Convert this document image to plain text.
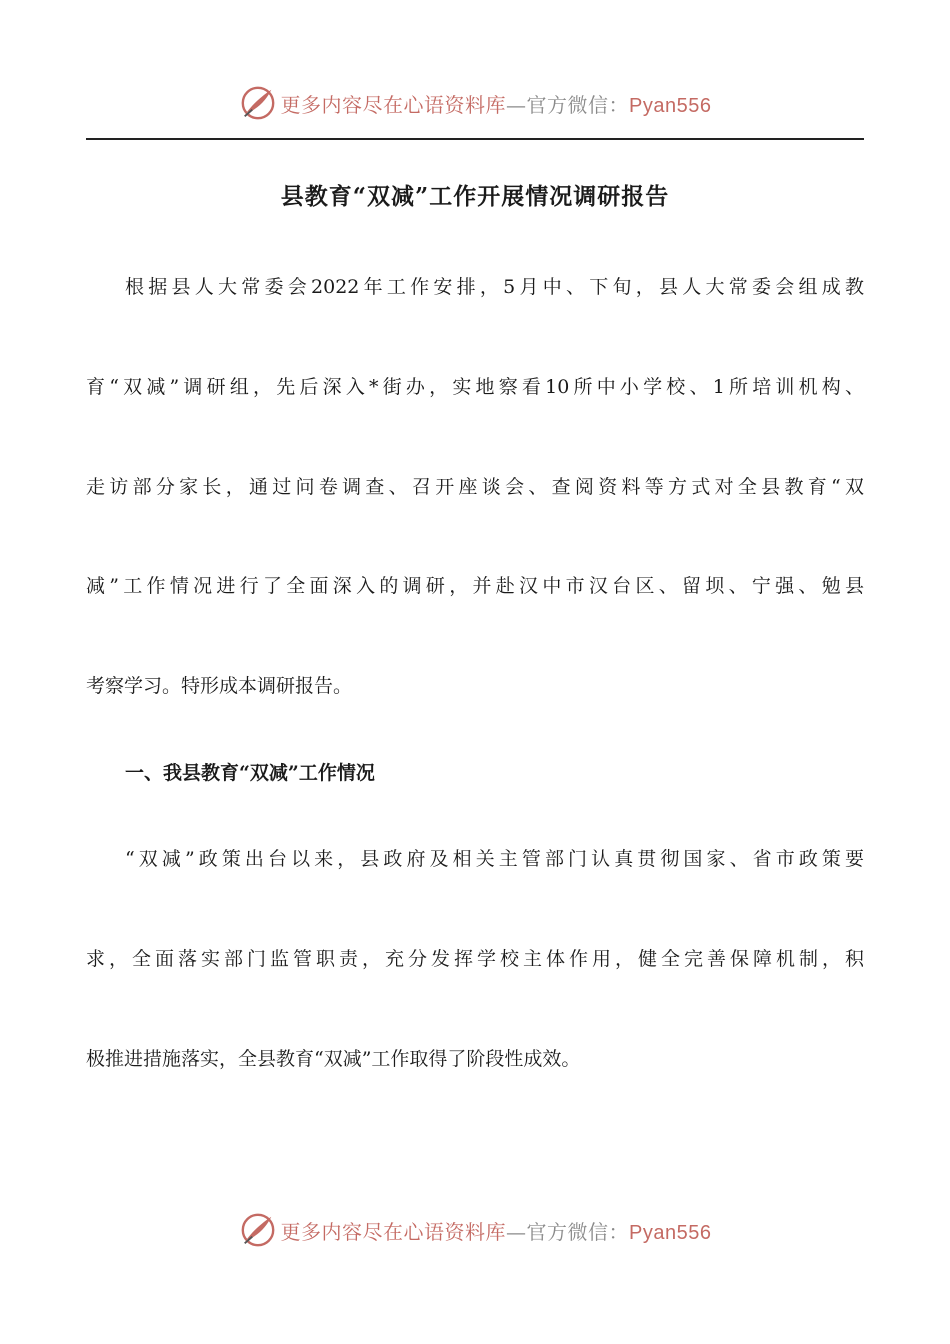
更多内容尽在心语资料库—官方微信：Pyan556
县教育“双减”工作开展情况调研报告
根据县人大常委会2022年工作安排，5月中、下旬，县人大常委会组成教
育“双减”调研组，先后深入*街办，实地察看10所中小学校、1所培训机构、
走访部分家长，通过问卷调查、召开座谈会、查阅资料等方式对全县教育“双
减”工作情况进行了全面深入的调研，并赴汉中市汉台区、留坝、宁强、勉县
考察学习。特形成本调研报告。
一、我县教育“双减”工作情况
“双减”政策出台以来，县政府及相关主管部门认真贯彻国家、省市政策要
求，全面落实部门监管职责，充分发挥学校主体作用，健全完善保障机制，积
极推进措施落实，全县教育“双减”工作取得了阶段性成效。
更多内容尽在心语资料库—官方微信：Pyan556
